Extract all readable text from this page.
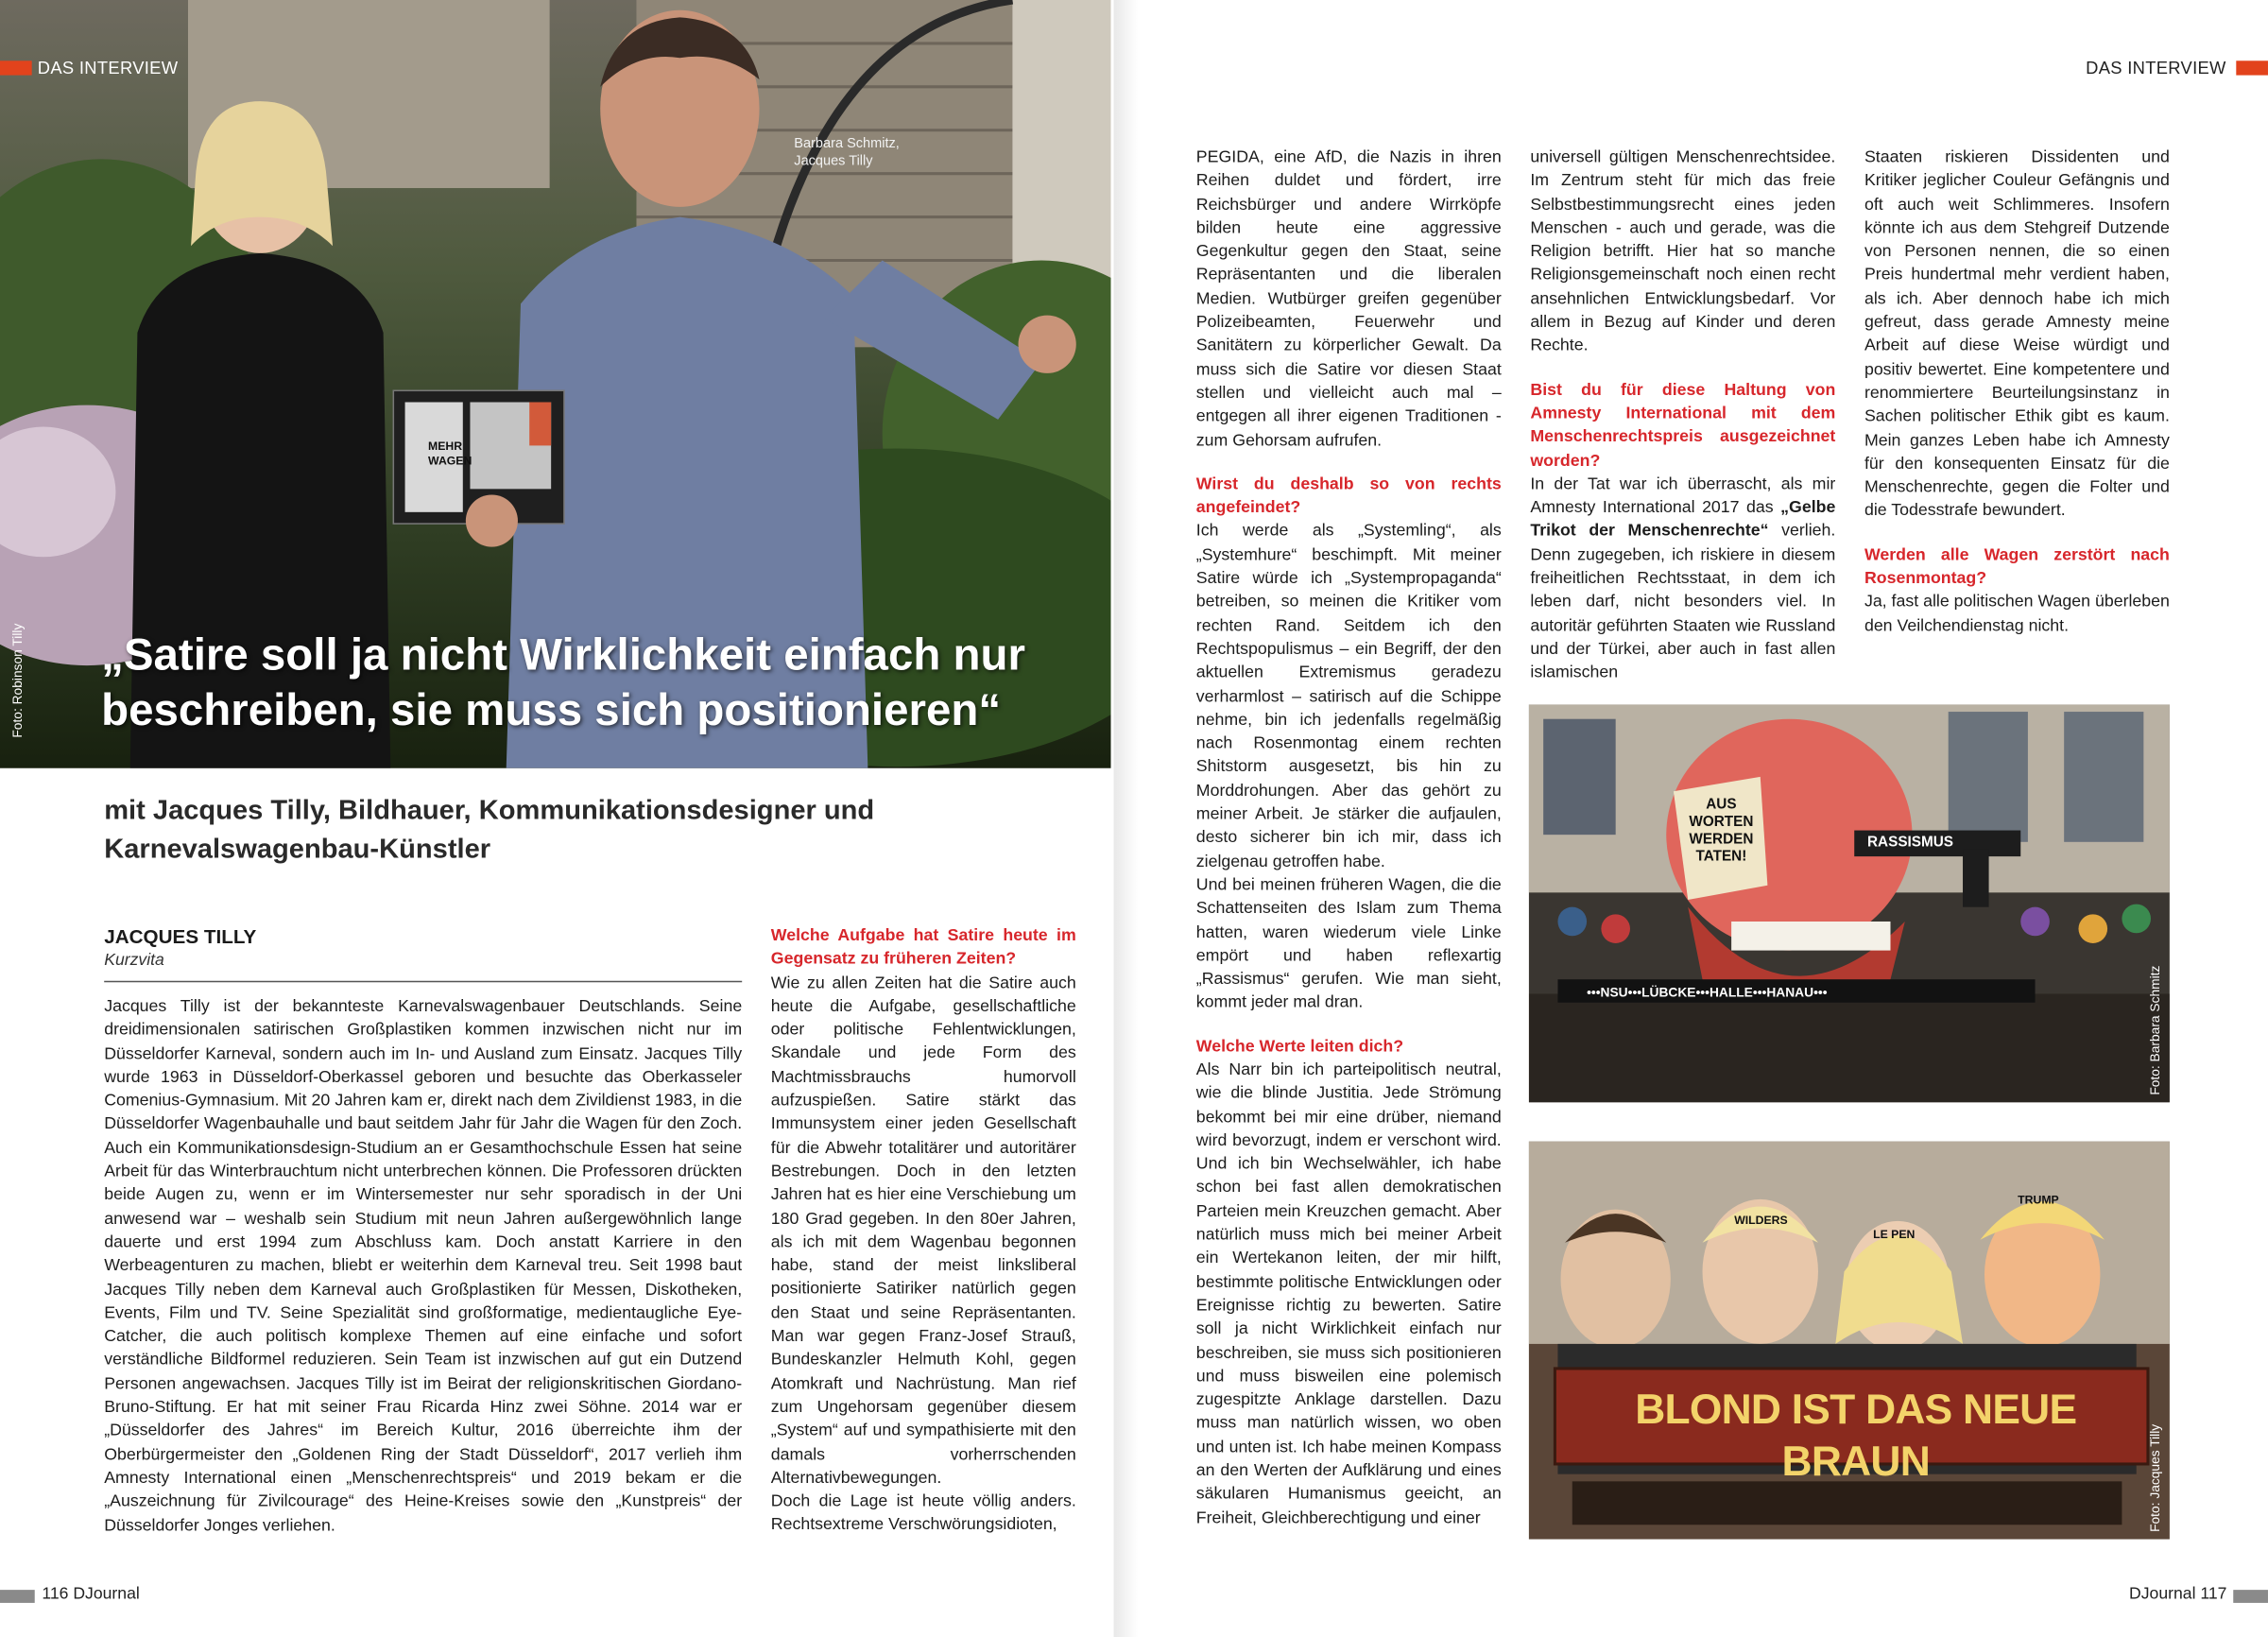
MEHR
WAGEN
Barbara Schmitz,
Jacques Tilly
Foto: Robinson Tilly	„Satire soll ja nicht Wirklichkeit einfach nur beschreiben, sie muss sich positionieren“
DAS INTERVIEW
mit Jacques Tilly, Bildhauer, Kommunikationsdesigner und Karnevalswagenbau-Künstler
JACQUES TILLY
Kurzvita

Jacques Tilly ist der bekannteste Karnevalswagenbauer Deutschlands. Seine dreidimensionalen satirischen Großplastiken kommen inzwischen nicht nur im Düsseldorfer Karneval, sondern auch im In- und Ausland zum Einsatz. Jacques Tilly wurde 1963 in Düsseldorf-Oberkassel geboren und besuchte das Oberkasseler Comenius-Gymnasium. Mit 20 Jahren kam er, direkt nach dem Zivildienst 1983, in die Düsseldorfer Wagenbauhalle und baut seitdem Jahr für Jahr die Wagen für den Zoch. Auch ein Kommunikationsdesign-Studium an er Gesamthochschule Essen hat seine Arbeit für das Winterbrauchtum nicht unterbrechen können. Die Professoren drückten beide Augen zu, wenn er im Wintersemester nur sehr sporadisch in der Uni anwesend war – weshalb sein Studium mit neun Jahren außergewöhnlich lange dauerte und erst 1994 zum Abschluss kam. Doch anstatt Karriere in den Werbeagenturen zu machen, bliebt er weiterhin dem Karneval treu. Seit 1998 baut Jacques Tilly neben dem Karneval auch Großplastiken für Messen, Diskotheken, Events, Film und TV. Seine Spezialität sind großformatige, medientaugliche Eye-Catcher, die auch politisch komplexe Themen auf eine einfache und sofort verständliche Bildformel reduzieren. Sein Team ist inzwischen auf gut ein Dutzend Personen angewachsen. Jacques Tilly ist im Beirat der religionskritischen Giordano-Bruno-Stiftung. Er hat mit seiner Frau Ricarda Hinz zwei Söhne. 2014 war er „Düsseldorfer des Jahres“ im Bereich Kultur, 2016 überreichte ihm der Oberbürgermeister den „Goldenen Ring der Stadt Düsseldorf“, 2017 verlieh ihm Amnesty International einen „Menschenrechtspreis“ und 2019 bekam er die „Auszeichnung für Zivilcourage“ des Heine-Kreises sowie den „Kunstpreis“ der Düsseldorfer Jonges verliehen.

Welche Aufgabe hat Satire heute im Gegensatz zu früheren Zeiten?

Wie zu allen Zeiten hat die Satire auch heute die Aufgabe, gesellschaftliche oder politische Fehlentwicklungen, Skandale und jede Form des Machtmissbrauchs humorvoll aufzuspießen. Satire stärkt das Immunsystem einer jeden Gesellschaft für die Abwehr totalitärer und autoritärer Bestrebungen. Doch in den letzten Jahren hat es hier eine Verschiebung um 180 Grad gegeben. In den 80er Jahren, als ich mit dem Wagenbau begonnen habe, stand der meist linksliberal positionierte Satiriker natürlich gegen den Staat und seine Repräsentanten. Man war gegen Franz-Josef Strauß, Bundeskanzler Helmuth Kohl, gegen Atomkraft und Nachrüstung. Man rief zum Ungehorsam gegenüber diesem „System“ auf und sympathisierte mit den damals vorherrschenden Alternativbewegungen.

Doch die Lage ist heute völlig anders. Rechtsextreme Verschwörungsidioten,

116 DJournal
DAS INTERVIEW

PEGIDA, eine AfD, die Nazis in ihren Reihen duldet und fördert, irre Reichsbürger und andere Wirrköpfe bilden heute eine aggressive Gegenkultur gegen den Staat, seine Repräsentanten und die liberalen Medien. Wutbürger greifen gegenüber Polizeibeamten, Feuerwehr und Sanitätern zu körperlicher Gewalt. Da muss sich die Satire vor diesen Staat stellen und vielleicht auch mal – entgegen all ihrer eigenen Traditionen - zum Gehorsam aufrufen.

Wirst du deshalb so von rechts angefeindet?

Ich werde als „Systemling“, als „Systemhure“ beschimpft. Mit meiner Satire würde ich „Systempropaganda“ betreiben, so meinen die Kritiker vom rechten Rand. Seitdem ich den Rechtspopulismus – ein Begriff, der den aktuellen Extremismus geradezu verharmlost – satirisch auf die Schippe nehme, bin ich jedenfalls regelmäßig nach Rosenmontag einem rechten Shitstorm ausgesetzt, bis hin zu Morddrohungen. Aber das gehört zu meiner Arbeit. Je stärker die aufjaulen, desto sicherer bin ich mir, dass ich zielgenau getroffen habe.

Und bei meinen früheren Wagen, die die Schattenseiten des Islam zum Thema hatten, waren wiederum viele Linke empört und haben reflexartig „Rassismus“ gerufen. Wie man sieht, kommt jeder mal dran.

Welche Werte leiten dich?

Als Narr bin ich parteipolitisch neutral, wie die blinde Justitia. Jede Strömung bekommt bei mir eine drüber, niemand wird bevorzugt, indem er verschont wird. Und ich bin Wechselwähler, ich habe schon bei fast allen demokratischen Parteien mein Kreuzchen gemacht. Aber natürlich muss mich bei meiner Arbeit ein Wertekanon leiten, der mir hilft, bestimmte politische Entwicklungen oder Ereignisse richtig zu bewerten. Satire soll ja nicht Wirklichkeit einfach nur beschreiben, sie muss sich positionieren und muss bisweilen eine polemisch zugespitzte Anklage darstellen. Dazu muss man natürlich wissen, wo oben und unten ist. Ich habe meinen Kompass an den Werten der Aufklärung und eines säkularen Humanismus geeicht, an Freiheit, Gleichberechtigung und einer

universell gültigen Menschenrechtsidee. Im Zentrum steht für mich das freie Selbstbestimmungsrecht eines jeden Menschen - auch und gerade, was die Religion betrifft. Hier hat so manche Religionsgemeinschaft noch einen recht ansehnlichen Entwicklungsbedarf. Vor allem in Bezug auf Kinder und deren Rechte.

Bist du für diese Haltung von Amnesty International mit dem Menschenrechtspreis ausgezeichnet worden?

In der Tat war ich überrascht, als mir Amnesty International 2017 das „Gelbe Trikot der Menschenrechte“ verlieh. Denn zugegeben, ich riskiere in diesem freiheitlichen Rechtsstaat, in dem ich leben darf, nicht besonders viel. In autoritär geführten Staaten wie Russland und der Türkei, aber auch in fast allen islamischen

Staaten riskieren Dissidenten und Kritiker jeglicher Couleur Gefängnis und oft auch weit Schlimmeres. Insofern könnte ich aus dem Stehgreif Dutzende von Personen nennen, die so einen Preis hundertmal mehr verdient haben, als ich. Aber dennoch habe ich mich gefreut, dass gerade Amnesty meine Arbeit auf diese Weise würdigt und positiv bewertet. Eine kompetentere und renommiertere Beurteilungsinstanz in Sachen politischer Ethik gibt es kaum. Mein ganzes Leben habe ich Amnesty für den konsequenten Einsatz für die Menschenrechte, gegen die Folter und die Todesstrafe bewundert.

Werden alle Wagen zerstört nach Rosenmontag?

Ja, fast alle politischen Wagen überleben den Veilchendienstag nicht.

AUS
WORTEN
WERDEN
TATEN!
RASSISMUS
•••NSU•••LÜBCKE•••HALLE•••HANAU•••	Foto: Barbara Schmitz
BLOND IST DAS NEUE BRAUN
WILDERS
LE PEN
TRUMP
Foto: Jacques Tilly
DJournal 117
